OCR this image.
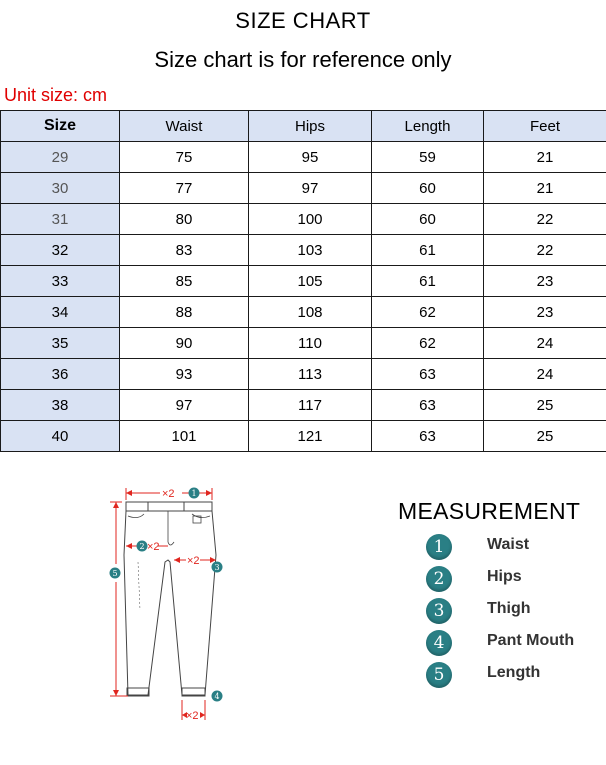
SIZE CHART
Size chart is for reference only
Unit size: cm
Size	Waist	Hips	Length	Feet
29	75	95	59	21
30	77	97	60	21
31	80	100	60	22
32	83	103	61	22
33	85	105	61	23
34	88	108	62	23
35	90	110	62	24
36	93	113	63	24
38	97	117	63	25
40	101	121	63	25
×2
×2
×2
×2
1
2
3
4
5
MEASUREMENT
1	Waist
2	Hips
3	Thigh
4	Pant Mouth
5	Length
